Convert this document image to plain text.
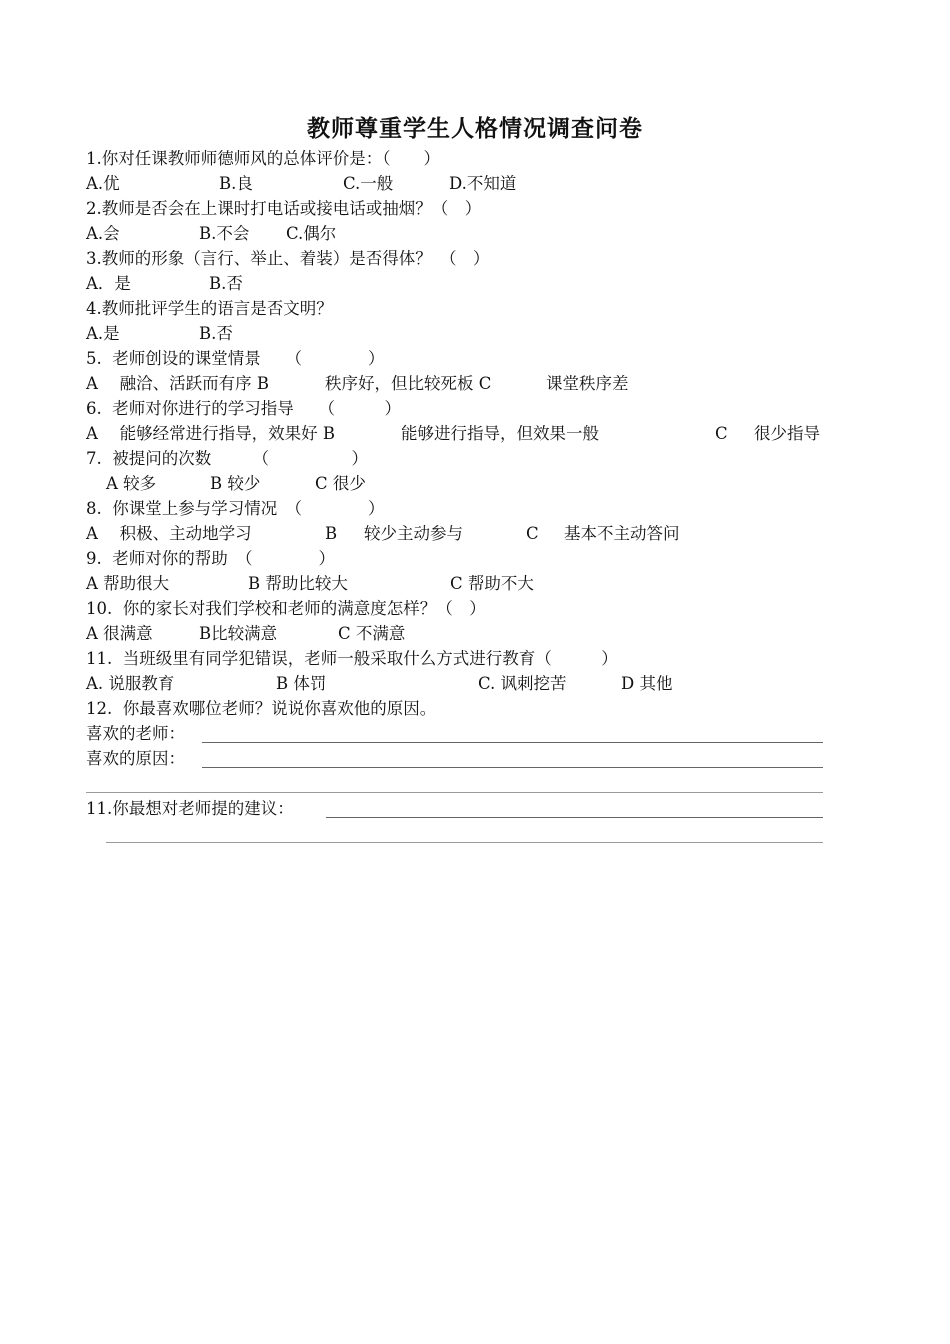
教师尊重学生人格情况调查问卷

1.你对任课教师师德师风的总体评价是：（　　）

A.优

	B.良

	C.一般

	D.不知道

2.教师是否会在上课时打电话或接电话或抽烟？（　）

A.会

	B.不会

C.偶尔

3.教师的形象（言行、举止、着装）是否得体？　（　）

A．是

	B.否

4.教师批评学生的语言是否文明？

A.是

	B.否

5.  老师创设的课堂情景　　（　　　　）

A　 融洽、活跃而有序 B

	秩序好，但比较死板 C

	课堂秩序差

6.  老师对你进行的学习指导　　（　　　）

A　 能够经常进行指导，效果好 B

	能够进行指导，但效果一般

	C

很少指导

7.  被提问的次数　　　（　　　　　）

A 较多

	B 较少

	C 很少

8.  你课堂上参与学习情况　（　　　　）

A　 积极、主动地学习

	B

较少主动参与

	C

基本不主动答问

9.  老师对你的帮助　（　　　　）

A 帮助很大

	B 帮助比较大

	C 帮助不大

10.  你的家长对我们学校和老师的满意度怎样？（　）

A 很满意

	B比较满意

	C 不满意

11.  当班级里有同学犯错误，老师一般采取什么方式进行教育（　　　）

A. 说服教育

	B 体罚

	C. 讽刺挖苦

	D 其他

12.  你最喜欢哪位老师？说说你喜欢他的原因。

喜欢的老师：

喜欢的原因：

11.你最想对老师提的建议：
